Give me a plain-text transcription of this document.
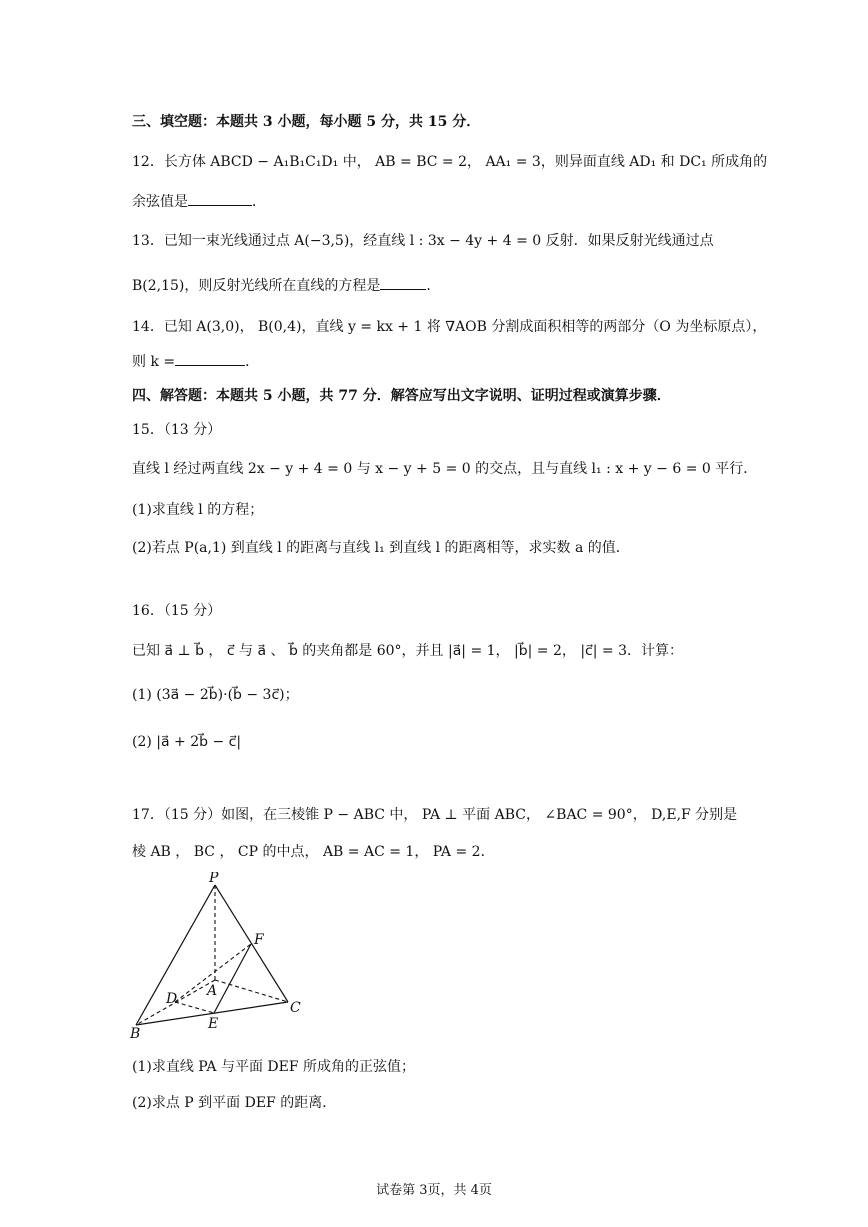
三、填空题：本题共 3 小题，每小题 5 分，共 15 分．
12．长方体 ABCD − A₁B₁C₁D₁ 中， AB = BC = 2， AA₁ = 3，则异面直线 AD₁ 和 DC₁ 所成角的
余弦值是	．
13．已知一束光线通过点 A(−3,5)，经直线 l : 3x − 4y + 4 = 0 反射．如果反射光线通过点
B(2,15)，则反射光线所在直线的方程是	．
14．已知 A(3,0)， B(0,4)，直线 y = kx + 1 将 ∇AOB 分割成面积相等的两部分（O 为坐标原点），
则 k =	．
四、解答题：本题共 5 小题，共 77 分．解答应写出文字说明、证明过程或演算步骤．
15．（13 分）
直线 l 经过两直线 2x − y + 4 = 0 与 x − y + 5 = 0 的交点，且与直线 l₁ : x + y − 6 = 0 平行．
(1)求直线 l 的方程；
(2)若点 P(a,1) 到直线 l 的距离与直线 l₁ 到直线 l 的距离相等，求实数 a 的值．
16．（15 分）
已知 a⃗ ⊥ b⃗ ， c⃗ 与 a⃗ 、 b⃗ 的夹角都是 60°，并且 |a⃗| = 1， |b⃗| = 2， |c⃗| = 3．计算：
(1) (3a⃗ − 2b⃗)·(b⃗ − 3c⃗)；
(2) |a⃗ + 2b⃗ − c⃗|
17．（15 分）如图，在三棱锥 P − ABC 中， PA ⊥ 平面 ABC， ∠BAC = 90°， D,E,F 分别是
棱 AB ， BC ， CP 的中点， AB = AC = 1， PA = 2．
P
F
D A
C
B
E
(1)求直线 PA 与平面 DEF 所成角的正弦值；
(2)求点 P 到平面 DEF 的距离．
试卷第 3页，共 4页
